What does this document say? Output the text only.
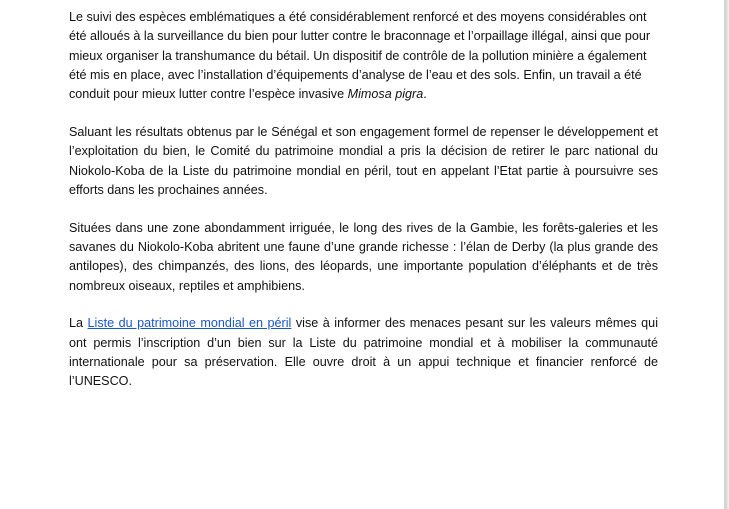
Le suivi des espèces emblématiques a été considérablement renforcé et des moyens considérables ont été alloués à la surveillance du bien pour lutter contre le braconnage et l’orpaillage illégal, ainsi que pour mieux organiser la transhumance du bétail. Un dispositif de contrôle de la pollution minière a également été mis en place, avec l’installation d’équipements d’analyse de l’eau et des sols. Enfin, un travail a été conduit pour mieux lutter contre l’espèce invasive Mimosa pigra.

Saluant les résultats obtenus par le Sénégal et son engagement formel de repenser le développement et l’exploitation du bien, le Comité du patrimoine mondial a pris la décision de retirer le parc national du Niokolo-Koba de la Liste du patrimoine mondial en péril, tout en appelant l’Etat partie à poursuivre ses efforts dans les prochaines années.

Situées dans une zone abondamment irriguée, le long des rives de la Gambie, les forêts-galeries et les savanes du Niokolo-Koba abritent une faune d’une grande richesse : l’élan de Derby (la plus grande des antilopes), des chimpanzés, des lions, des léopards, une importante population d’éléphants et de très nombreux oiseaux, reptiles et amphibiens.

La Liste du patrimoine mondial en péril vise à informer des menaces pesant sur les valeurs mêmes qui ont permis l’inscription d’un bien sur la Liste du patrimoine mondial et à mobiliser la communauté internationale pour sa préservation. Elle ouvre droit à un appui technique et financier renforcé de l’UNESCO.
